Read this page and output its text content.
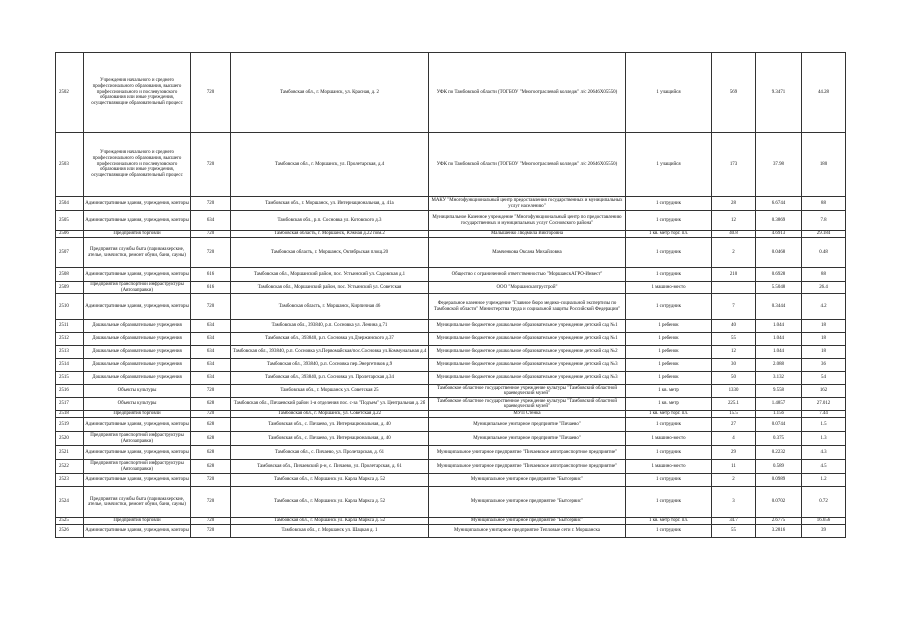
2502	Учреждения начального и среднего профессионального образования, высшего профессионального и послевузовского образования или иные учреждения, осуществляющие образовательный процесс	720	Тамбовская обл., г. Моршанск, ул. Красная, д. 2	УФК по Тамбовской области (ТОГБОУ "Многоотраслевой колледж" л/с 20646Х05550)	1 учащийся	569	9.3471	44.28
2503	Учреждения начального и среднего профессионального образования, высшего профессионального и послевузовского образования или иные учреждения, осуществляющие образовательный процесс	720	Тамбовская обл., г. Моршанск, ул. Пролетарская, д.4	УФК по Тамбовской области (ТОГБОУ "Многоотраслевой колледж" л/с 20646Х05550)	1 учащийся	173	37.98	180
2504	Административные здания, учреждения, конторы	720	Тамбовская обл., г. Моршанск, ул. Интернациональная, д. 41а	МАКУ "Многофункциональный центр предоставления государственных и муниципальных услуг населению"	1 сотрудник	28	6.6744	88
2505	Административные здания, учреждения, конторы	634	Тамбовская обл., р.п. Сосновка ул. Котовского д.3	Муниципальное Казенное учреждение "Многофункциональный центр по предоставлению государственных и муниципальных услуг Сосновского района"	1 сотрудник	12	0.3869	7.8
2506	Предприятия торговли	720	Тамбовская область, г. Моршанск, Южная д.22 пом.2	Малышенко Людмила Викторовна	1 кв. метр торг. пл.	40.8	4.6913	29.184
2507	Предприятия службы быта (парикмахерские, ателье, химчистки, ремонт обуви, бани, сауны)	720	Тамбовская область, г. Моршанск, Октябрьская площ.20	Мамченкова Оксана Михайловна	1 сотрудник	2	0.0468	0.48
2508	Административные здания, учреждения, конторы	616	Тамбовская обл., Моршанский район, пос. Устьинский ул. Садовская д.1	Общество с ограниченной ответственностью "МоршанскАГРО-Инвест"	1 сотрудник	210	0.6928	88
2509	Предприятия транспортной инфраструктуры (Автозаправки)	616	Тамбовская обл., Моршанский район, пос. Устьинский ул. Советская	ООО "Моршансказтрустрой"	1 машино-место		5.5048	26.4
2510	Административные здания, учреждения, конторы	720	Тамбовская область, г. Моршанск, Кирпичная 46	Федеральное казенное учреждение "Главное бюро медико-социальной экспертизы по Тамбовской области" Министерства труда и социальной защиты Российской Федерации"	1 сотрудник	7	0.3444	4.2
2511	Дошкольные образовательные учреждения	634	Тамбовская обл., 393840, р.п. Сосновка ул. Ленина д.71	Муниципальное бюджетное дошкольное образовательное учреждение детский сад №1	1 ребенок	40	1.044	18
2512	Дошкольные образовательные учреждения	634	Тамбовская обл., 393840, р.п. Сосновка ул.Дзержинского д.37	Муниципальное бюджетное дошкольное образовательное учреждение детский сад №1	1 ребенок	55	1.044	18
2513	Дошкольные образовательные учреждения	634	Тамбовская обл., 393840, р.п. Сосновка ул.Первомайская/пос.Сосновка ул.Коммунальная д.4	Муниципальное бюджетное дошкольное образовательное учреждение детский сад №2	1 ребенок	12	1.044	18
2514	Дошкольные образовательные учреждения	634	Тамбовская обл., 393840, р.п. Сосновка пер.Энергетиков д.9	Муниципальное бюджетное дошкольное образовательное учреждение детский сад №3	1 ребенок	30	2.088	36
2515	Дошкольные образовательные учреждения	634	Тамбовская обл., 393840, р.п. Сосновка ул. Пролетарская д.34	Муниципальное бюджетное дошкольное образовательное учреждение детский сад №3	1 ребенок	50	3.132	54
2516	Объекты культуры	720	Тамбовская обл., г. Моршанск ул. Советская 25	Тамбовское областное государственное учреждение культуры "Тамбовский областной краеведческий музей"	1 кв. метр	1330	9.558	162
2517	Объекты культуры	628	Тамбовская обл., Пичаевский район 1-я отделения пос. с-за "Подъем" ул. Центральная д. 2б	Тамбовское областное государственное учреждение культуры "Тамбовский областной краеведческий музей"	1 кв. метр	225.1	1.4857	27.012
2518	Предприятия торговли	720	Тамбовская обл., г. Моршанск, ул. Советская д.22	МУП Стенка	1 кв. метр торг. пл.	15.5	1.156	7.44
2519	Административные здания, учреждения, конторы	628	Тамбовская обл., с. Пичаево, ул. Интернациональная, д. 40	Муниципальное унитарное предприятие "Пичаево"	1 сотрудник	27	0.0744	1.5
2520	Предприятия транспортной инфраструктуры (Автозаправки)	628	Тамбовская обл., с. Пичаево, ул. Интернациональная, д. 40	Муниципальное унитарное предприятие "Пичаево"	1 машино-место	4	0.375	1.3
2521	Административные здания, учреждения, конторы	628	Тамбовская обл., с. Пичаево, ул. Пролетарская, д. 61	Муниципальное унитарное предприятие "Пичаевское автотранспортное предприятие"	1 сотрудник	29	0.2232	4.3
2522	Предприятия транспортной инфраструктуры (Автозаправки)	628	Тамбовская обл., Пичаевский р-н, с. Пичаево, ул. Пролетарская, д. 61	Муниципальное унитарное предприятие "Пичаевское автотранспортное предприятие"	1 машино-место	11	0.589	4.5
2523	Административные здания, учреждения, конторы	720	Тамбовская обл., г. Моршанск ул. Карла Маркса д. 52	Муниципальное унитарное предприятие "Бытсервис"	1 сотрудник	2	0.0989	1.2
2524	Предприятия службы быта (парикмахерские, ателье, химчистки, ремонт обуви, бани, сауны)	720	Тамбовская обл., г. Моршанск ул. Карла Маркса д. 52	Муниципальное унитарное предприятие "Бытсервис"	1 сотрудник	3	0.0702	0.72
2525	Предприятия торговли	720	Тамбовская обл., г. Моршанск ул. Карла Маркса д. 52	Муниципальное унитарное предприятие "Бытсервис"	1 кв. метр торг. пл.	34.7	2.6775	16.656
2526	Административные здания, учреждения, конторы	720	Тамбовская обл., г. Моршанск ул. Шацкая д. 1	Муниципальное унитарное предприятие Тепловые сети г. Моршанска	1 сотрудник	55	3.2816	39
